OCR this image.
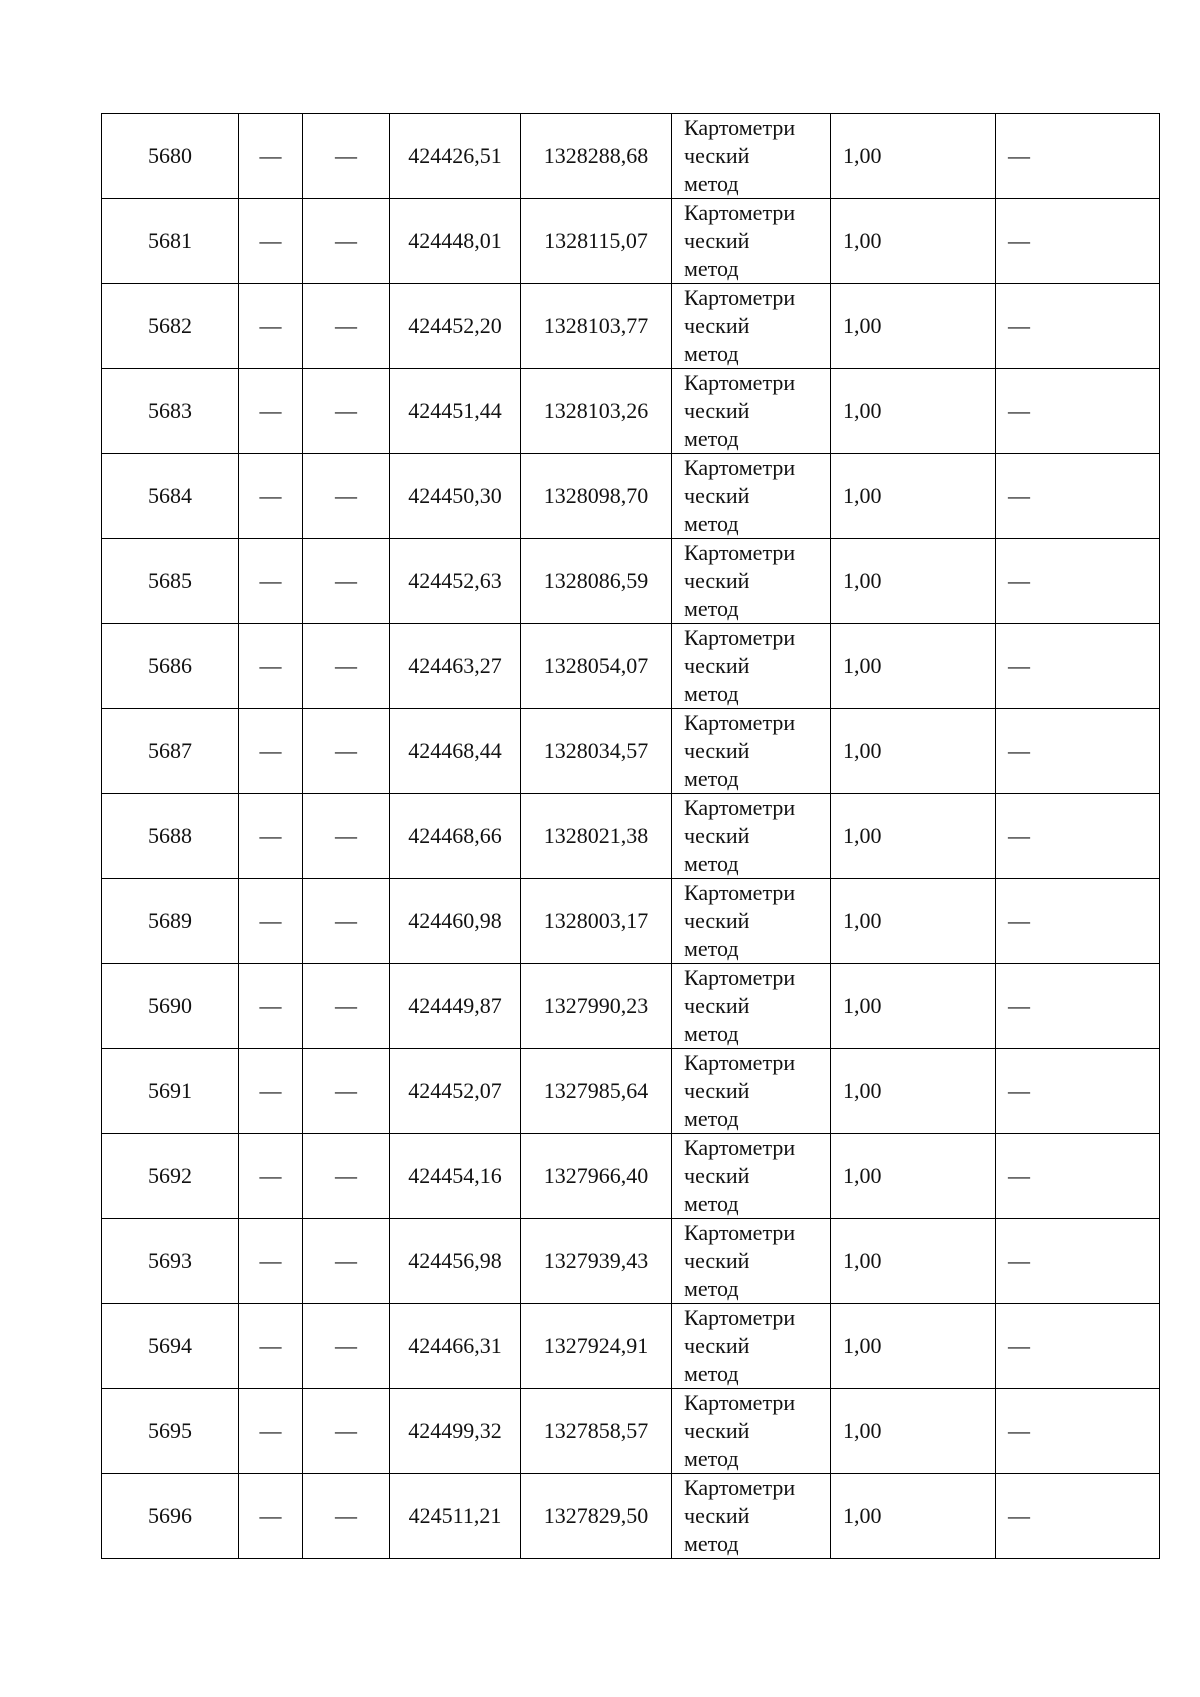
5680	—	—	424426,51	1328288,68	Картометри
ческий
метод	1,00	—
5681	—	—	424448,01	1328115,07	Картометри
ческий
метод	1,00	—
5682	—	—	424452,20	1328103,77	Картометри
ческий
метод	1,00	—
5683	—	—	424451,44	1328103,26	Картометри
ческий
метод	1,00	—
5684	—	—	424450,30	1328098,70	Картометри
ческий
метод	1,00	—
5685	—	—	424452,63	1328086,59	Картометри
ческий
метод	1,00	—
5686	—	—	424463,27	1328054,07	Картометри
ческий
метод	1,00	—
5687	—	—	424468,44	1328034,57	Картометри
ческий
метод	1,00	—
5688	—	—	424468,66	1328021,38	Картометри
ческий
метод	1,00	—
5689	—	—	424460,98	1328003,17	Картометри
ческий
метод	1,00	—
5690	—	—	424449,87	1327990,23	Картометри
ческий
метод	1,00	—
5691	—	—	424452,07	1327985,64	Картометри
ческий
метод	1,00	—
5692	—	—	424454,16	1327966,40	Картометри
ческий
метод	1,00	—
5693	—	—	424456,98	1327939,43	Картометри
ческий
метод	1,00	—
5694	—	—	424466,31	1327924,91	Картометри
ческий
метод	1,00	—
5695	—	—	424499,32	1327858,57	Картометри
ческий
метод	1,00	—
5696	—	—	424511,21	1327829,50	Картометри
ческий
метод	1,00	—
